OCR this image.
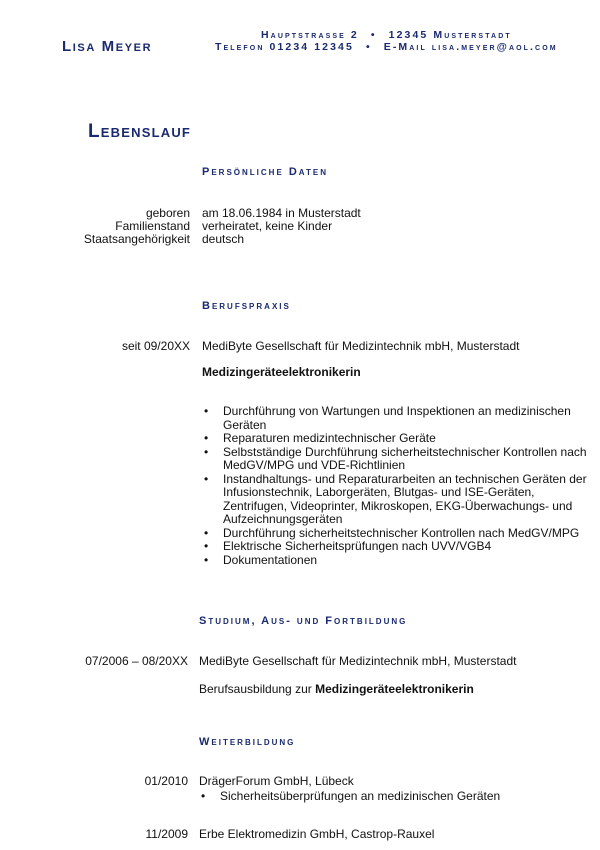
Lisa Meyer
Hauptstrasse 2 • 12345 Musterstadt
Telefon 01234 12345 • E-Mail lisa.meyer@aol.com
Lebenslauf
Persönliche Daten
geboren am 18.06.1984 in Musterstadt
Familienstand verheiratet, keine Kinder
Staatsangehörigkeit deutsch
Berufspraxis
seit 09/20XX MediByte Gesellschaft für Medizintechnik mbH, Musterstadt
Medizingeräteelektronikerin
• Durchführung von Wartungen und Inspektionen an medizinischen Geräten
• Reparaturen medizintechnischer Geräte
• Selbstständige Durchführung sicherheitstechnischer Kontrollen nach MedGV/MPG und VDE-Richtlinien
• Instandhaltungs- und Reparaturarbeiten an technischen Geräten der Infusionstechnik, Laborgeräten, Blutgas- und ISE-Geräten, Zentrifugen, Videoprinter, Mikroskopen, EKG-Überwachungs- und Aufzeichnungsgeräten
• Durchführung sicherheitstechnischer Kontrollen nach MedGV/MPG
• Elektrische Sicherheitsprüfungen nach UVV/VGB4
• Dokumentationen
Studium, Aus- und Fortbildung
07/2006 – 08/20XX MediByte Gesellschaft für Medizintechnik mbH, Musterstadt
Berufsausbildung zur Medizingeräteelektronikerin
Weiterbildung
01/2010 DrägerForum GmbH, Lübeck
• Sicherheitsüberprüfungen an medizinischen Geräten
11/2009 Erbe Elektromedizin GmbH, Castrop-Rauxel
